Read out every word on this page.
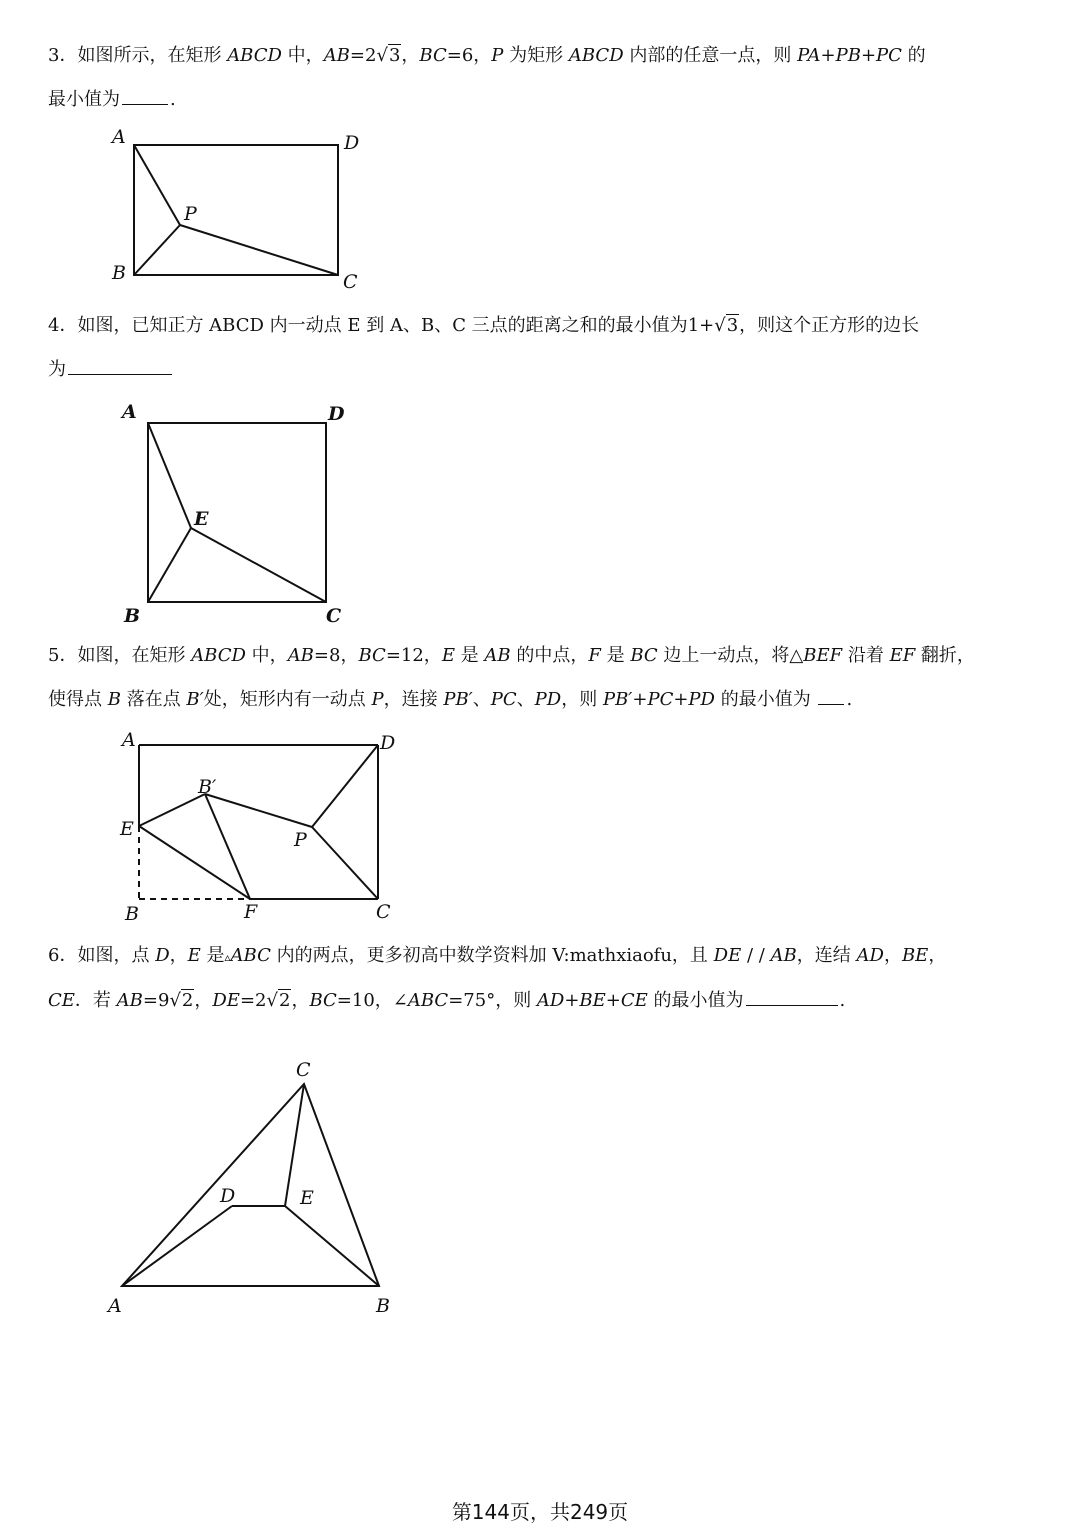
3．如图所示，在矩形 ABCD 中，AB=2√3，BC=6，P 为矩形 ABCD 内部的任意一点，则 PA+PB+PC 的
最小值为	.
A	D
P
B	C
4．如图，已知正方 ABCD 内一动点 E 到 A、B、C 三点的距离之和的最小值为1+√3，则这个正方形的边长
为
A	D
E
B	C
5．如图，在矩形 ABCD 中，AB=8，BC=12，E 是 AB 的中点，F 是 BC 边上一动点，将△BEF 沿着 EF 翻折，
使得点 B 落在点 B′处，矩形内有一动点 P，连接 PB′、PC、PD，则 PB′+PC+PD 的最小值为 .
A	D
B′
E	P
B	F	C
6．如图，点 D，E 是▵ABC 内的两点，更多初高中数学资料加 V:mathxiaofu，且 DE / / AB，连结 AD，BE，
CE．若 AB=9√2，DE=2√2，BC=10，∠ABC=75°，则 AD+BE+CE 的最小值为	.
C
D	E
A	B
第144页，共249页
